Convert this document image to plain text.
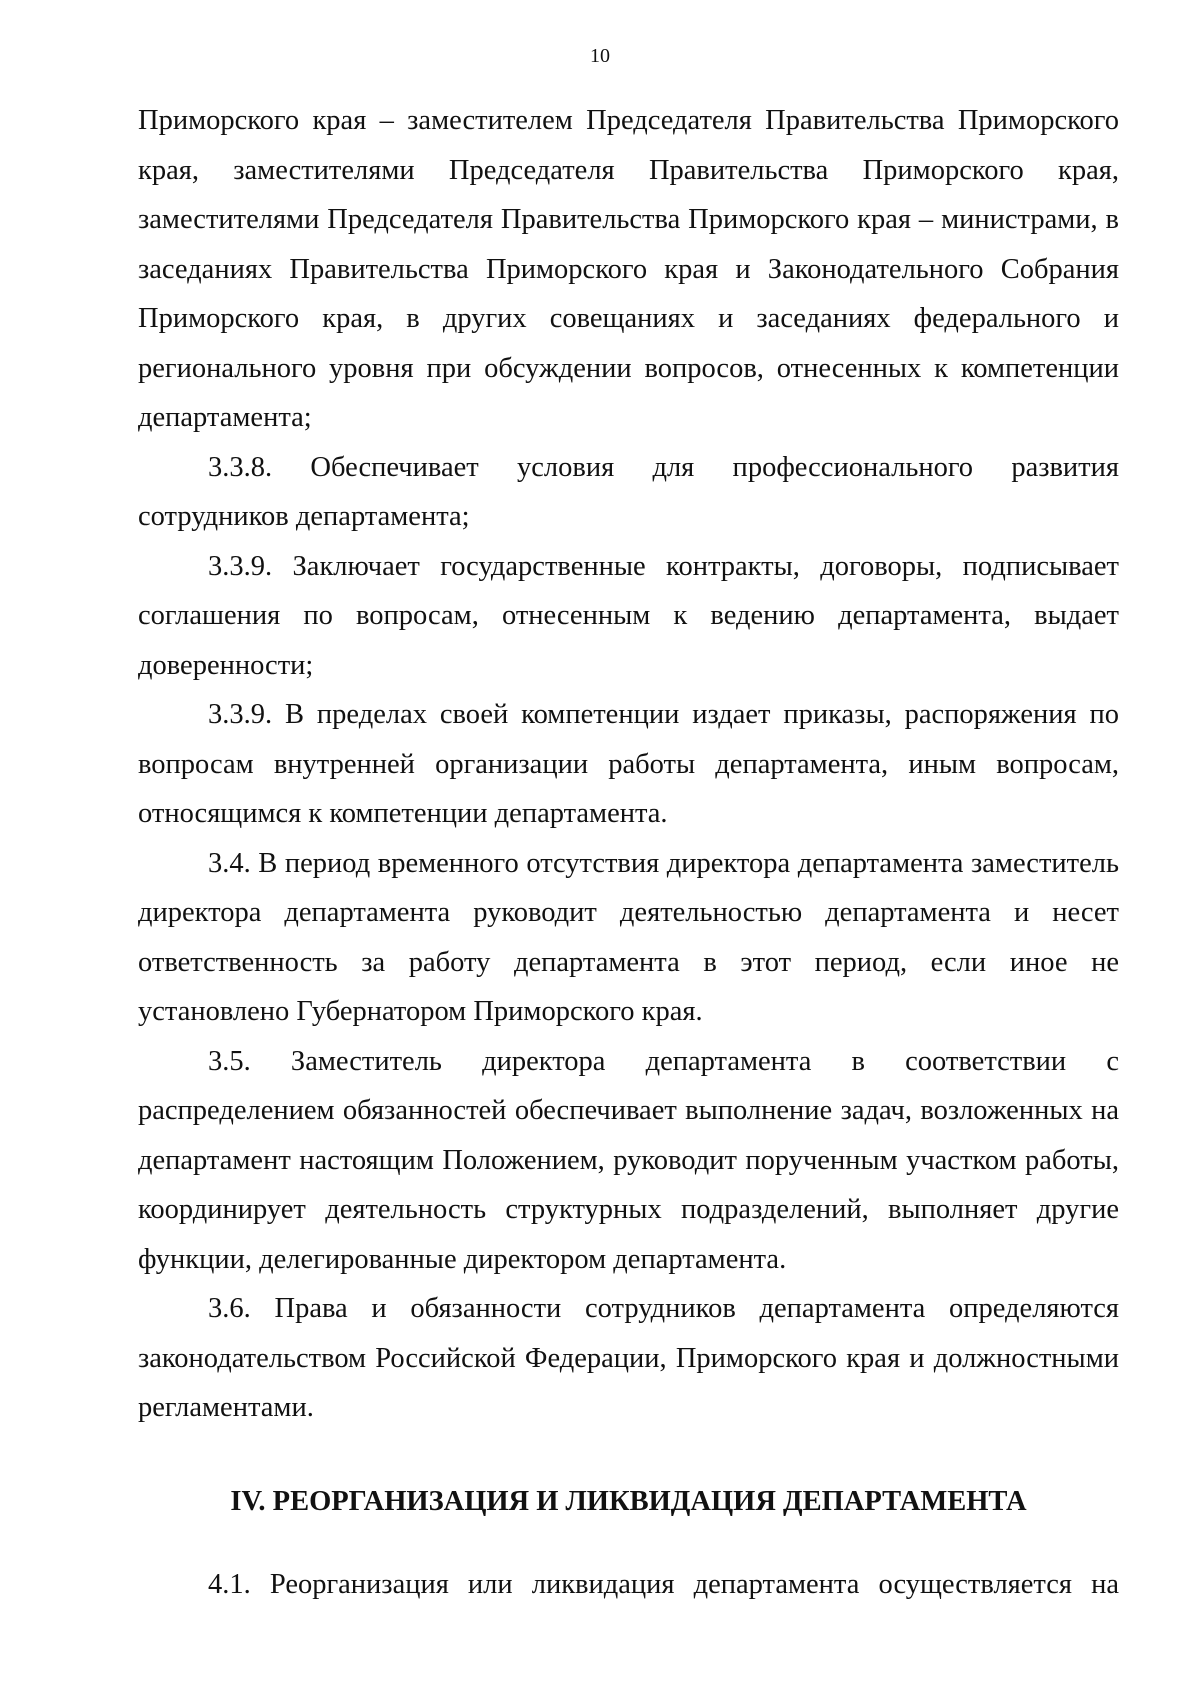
10

Приморского края – заместителем Председателя Правительства Приморского края, заместителями Председателя Правительства Приморского края, заместителями Председателя Правительства Приморского края – министрами, в заседаниях Правительства Приморского края и Законодательного Собрания Приморского края, в других совещаниях и заседаниях федерального и регионального уровня при обсуждении вопросов, отнесенных к компетенции департамента;

3.3.8. Обеспечивает условия для профессионального развития сотрудников департамента;

3.3.9. Заключает государственные контракты, договоры, подписывает соглашения по вопросам, отнесенным к ведению департамента, выдает доверенности;

3.3.9. В пределах своей компетенции издает приказы, распоряжения по вопросам внутренней организации работы департамента, иным вопросам, относящимся к компетенции департамента.

3.4. В период временного отсутствия директора департамента заместитель директора департамента руководит деятельностью департамента и несет ответственность за работу департамента в этот период, если иное не установлено Губернатором Приморского края.

3.5. Заместитель директора департамента в соответствии с распределением обязанностей обеспечивает выполнение задач, возложенных на департамент настоящим Положением, руководит порученным участком работы, координирует деятельность структурных подразделений, выполняет другие функции, делегированные директором департамента.

3.6. Права и обязанности сотрудников департамента определяются законодательством Российской Федерации, Приморского края и должностными регламентами.

IV. РЕОРГАНИЗАЦИЯ И ЛИКВИДАЦИЯ ДЕПАРТАМЕНТА

4.1. Реорганизация или ликвидация департамента осуществляется на
